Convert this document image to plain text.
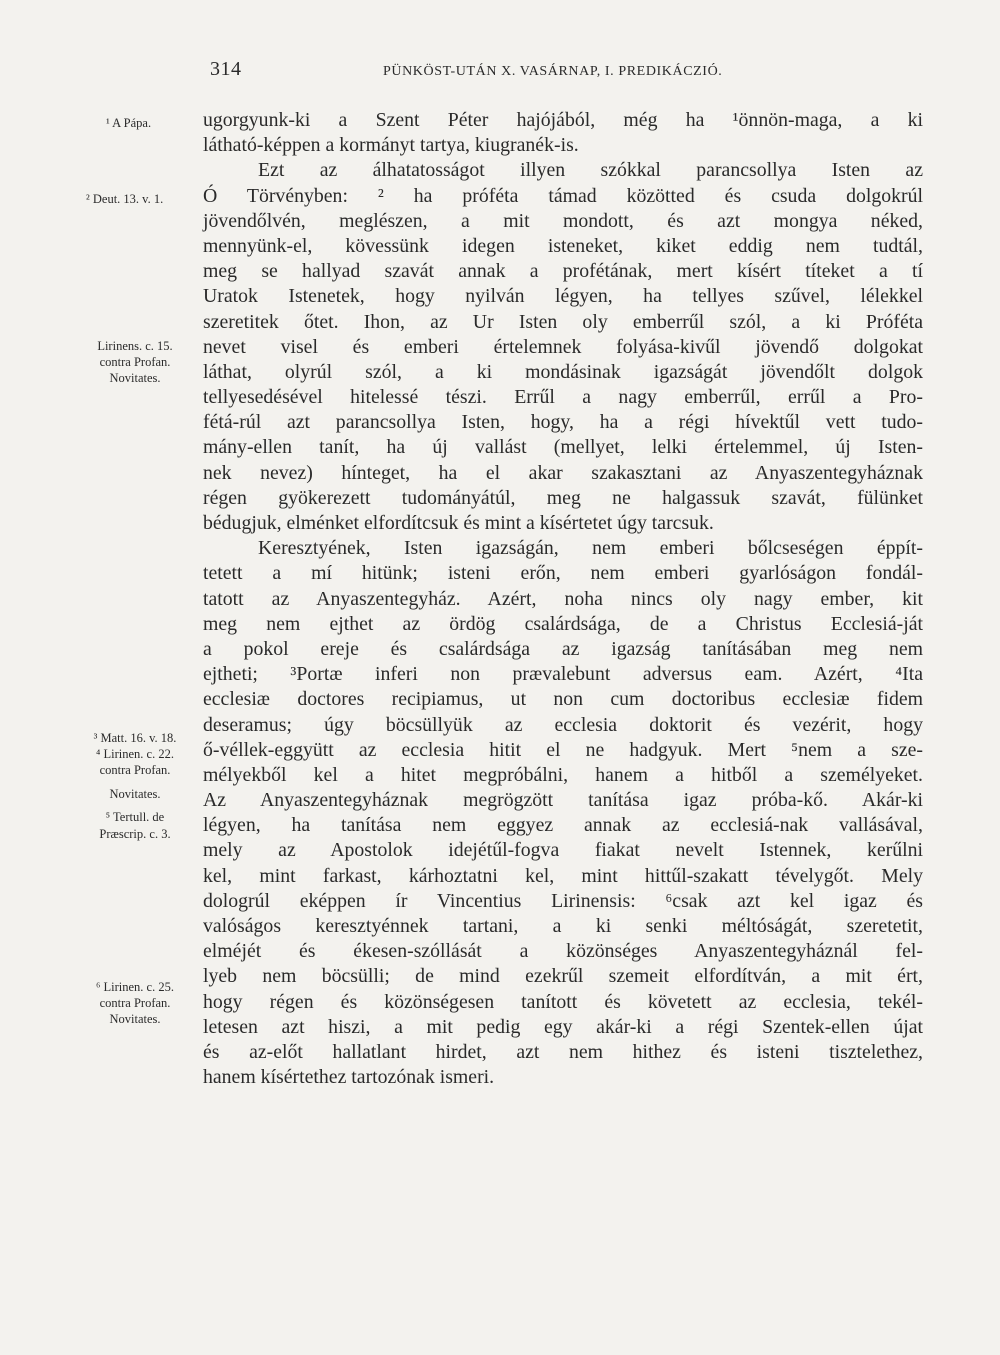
314	PÜNKÖST-UTÁN X. VASÁRNAP, I. PREDIKÁCZIÓ.
¹ A Pápa.
² Deut. 13. v. 1.
Lirinens. c. 15.
contra Profan.
Novitates.
³ Matt. 16. v. 18.
⁴ Lirinen. c. 22.
contra Profan.
Novitates.
⁵ Tertull. de
Præscrip. c. 3.
⁶ Lirinen. c. 25.
contra Profan.
Novitates.
ugorgyunk-ki a Szent Péter hajójából, még ha ¹önnön-maga, a ki
látható-képpen a kormányt tartya, kiugranék-is.
Ezt az álhatatosságot illyen szókkal parancsollya Isten az
Ó Törvényben: ² ha próféta támad közötted és csuda dolgokrúl
jövendőlvén, meglészen, a mit mondott, és azt mongya néked,
mennyünk-el, kövessünk idegen isteneket, kiket eddig nem tudtál,
meg se hallyad szavát annak a profétának, mert kísért títeket a tí
Uratok Istenetek, hogy nyilván légyen, ha tellyes szűvel, lélekkel
szeretitek őtet. Ihon, az Ur Isten oly emberrűl szól, a ki Próféta
nevet visel és emberi értelemnek folyása-kivűl jövendő dolgokat
láthat, olyrúl szól, a ki mondásinak igazságát jövendőlt dolgok
tellyesedésével hitelessé tészi. Errűl a nagy emberrűl, errűl a Pro-
fétá-rúl azt parancsollya Isten, hogy, ha a régi hívektűl vett tudo-
mány-ellen tanít, ha új vallást (mellyet, lelki értelemmel, új Isten-
nek nevez) hínteget, ha el akar szakasztani az Anyaszentegyháznak
régen gyökerezett tudományátúl, meg ne halgassuk szavát, fülünket
bédugjuk, elménket elfordítcsuk és mint a kísértetet úgy tarcsuk.
Keresztyének, Isten igazságán, nem emberi bőlcseségen éppít-
tetett a mí hitünk; isteni erőn, nem emberi gyarlóságon fondál-
tatott az Anyaszentegyház. Azért, noha nincs oly nagy ember, kit
meg nem ejthet az ördög csalárdsága, de a Christus Ecclesiá-ját
a pokol ereje és csalárdsága az igazság tanításában meg nem
ejtheti; ³Portæ inferi non prævalebunt adversus eam. Azért, ⁴Ita
ecclesiæ doctores recipiamus, ut non cum doctoribus ecclesiæ fidem
deseramus; úgy böcsüllyük az ecclesia doktorit és vezérit, hogy
ő-véllek-eggyütt az ecclesia hitit el ne hadgyuk. Mert ⁵nem a sze-
mélyekből kel a hitet megpróbálni, hanem a hitből a személyeket.
Az Anyaszentegyháznak megrögzött tanítása igaz próba-kő. Akár-ki
légyen, ha tanítása nem eggyez annak az ecclesiá-nak vallásával,
mely az Apostolok idejétűl-fogva fiakat nevelt Istennek, kerűlni
kel, mint farkast, kárhoztatni kel, mint hittűl-szakatt tévelygőt. Mely
dologrúl eképpen ír Vincentius Lirinensis: ⁶csak azt kel igaz és
valóságos keresztyénnek tartani, a ki senki méltóságát, szeretetit,
elméjét és ékesen-szóllását a közönséges Anyaszentegyháznál fel-
lyeb nem böcsülli; de mind ezekrűl szemeit elfordítván, a mit ért,
hogy régen és közönségesen tanított és követett az ecclesia, tekél-
letesen azt hiszi, a mit pedig egy akár-ki a régi Szentek-ellen újat
és az-előt hallatlant hirdet, azt nem hithez és isteni tisztelethez,
hanem kísértethez tartozónak ismeri.
